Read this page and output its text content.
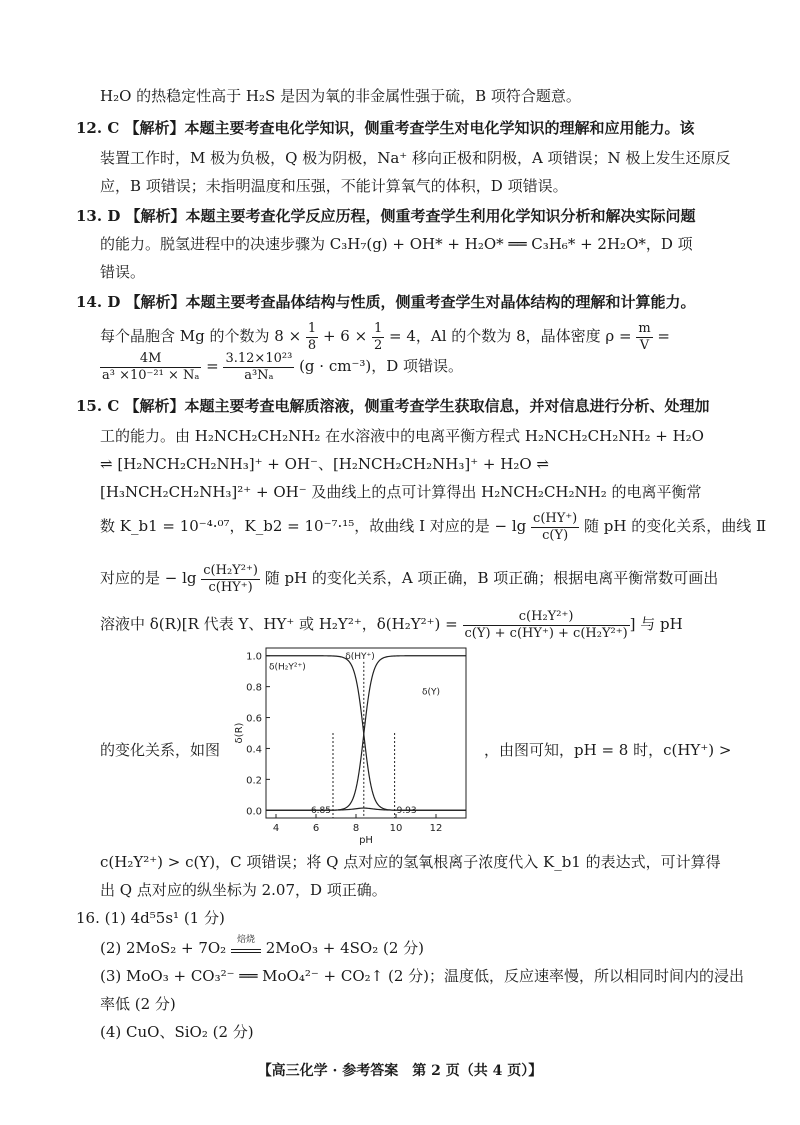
H₂O 的热稳定性高于 H₂S 是因为氧的非金属性强于硫，B 项符合题意。
12. C 【解析】本题主要考查电化学知识，侧重考查学生对电化学知识的理解和应用能力。该
装置工作时，M 极为负极，Q 极为阴极，Na⁺ 移向正极和阴极，A 项错误；N 极上发生还原反
应，B 项错误；未指明温度和压强，不能计算氧气的体积，D 项错误。
13. D 【解析】本题主要考查化学反应历程，侧重考查学生利用化学知识分析和解决实际问题
的能力。脱氢进程中的决速步骤为 C₃H₇(g) + OH* + H₂O* ══ C₃H₆* + 2H₂O*，D 项
错误。
14. D 【解析】本题主要考查晶体结构与性质，侧重考查学生对晶体结构的理解和计算能力。
每个晶胞含 Mg 的个数为 $8 \times \frac{1}{8} + 6 \times \frac{1}{2} = 4$，Al 的个数为 8，晶体密度 $\rho = \frac{m}{V}$ =
$\frac{4M}{\text{a³ ×10⁻²¹ × Nₐ}} = \frac{\text{3.12×10²³}}{\text{a³Nₐ}} (g \cdot cm^{-3})$，D 项错误。
15. C 【解析】本题主要考查电解质溶液，侧重考查学生获取信息，并对信息进行分析、处理加
工的能力。由 H₂NCH₂CH₂NH₂ 在水溶液中的电离平衡方程式 H₂NCH₂CH₂NH₂ + H₂O
⇌ [H₂NCH₂CH₂NH₃]⁺ + OH⁻、[H₂NCH₂CH₂NH₃]⁺ + H₂O ⇌
[H₃NCH₂CH₂NH₃]²⁺ + OH⁻ 及曲线上的点可计算得出 H₂NCH₂CH₂NH₂ 的电离平衡常
数 K_b1 = 10⁻⁴·⁰⁷，K_b2 = 10⁻⁷·¹⁵，故曲线 Ⅰ 对应的是 − $\lg \frac{c(HY^+)}{c(Y)}$ 随 pH 的变化关系，曲线 Ⅱ
对应的是 − $\lg \frac{\text{c(H₂Y²⁺)}}{c(HY^+)}$ 随 pH 的变化关系，A 项正确，B 项正确；根据电离平衡常数可画出
溶液中 δ(R)[R 代表 Y、HY⁺ 或 H₂Y²⁺，$\delta(H_2Y^{2+}) = \frac{\text{c(H₂Y²⁺)}}{\text{c(Y) + c(HY⁺) + c(H₂Y²⁺)}}$ ] 与 pH
的变化关系，如图
0.0
0.2
0.4
0.6
0.8
1.0
4	6	8	10	12
pH
δ(R)
δ(H₂Y²⁺)
δ(HY⁺)
δ(Y)
6.85	9.93
，由图可知，pH = 8 时，c(HY⁺) >
c(H₂Y²⁺) > c(Y)，C 项错误；将 Q 点对应的氢氧根离子浓度代入 K_b1 的表达式，可计算得
出 Q 点对应的纵坐标为 2.07，D 项正确。
16. (1) 4d⁵5s¹ (1 分)
(2) 2MoS₂ + 7O₂ 焙烧 2MoO₃ + 4SO₂ (2 分)
(3) MoO₃ + CO₃²⁻ ══ MoO₄²⁻ + CO₂↑ (2 分)；温度低，反应速率慢，所以相同时间内的浸出
率低 (2 分)
(4) CuO、SiO₂ (2 分)
【高三化学 · 参考答案　第 2 页（共 4 页）】
